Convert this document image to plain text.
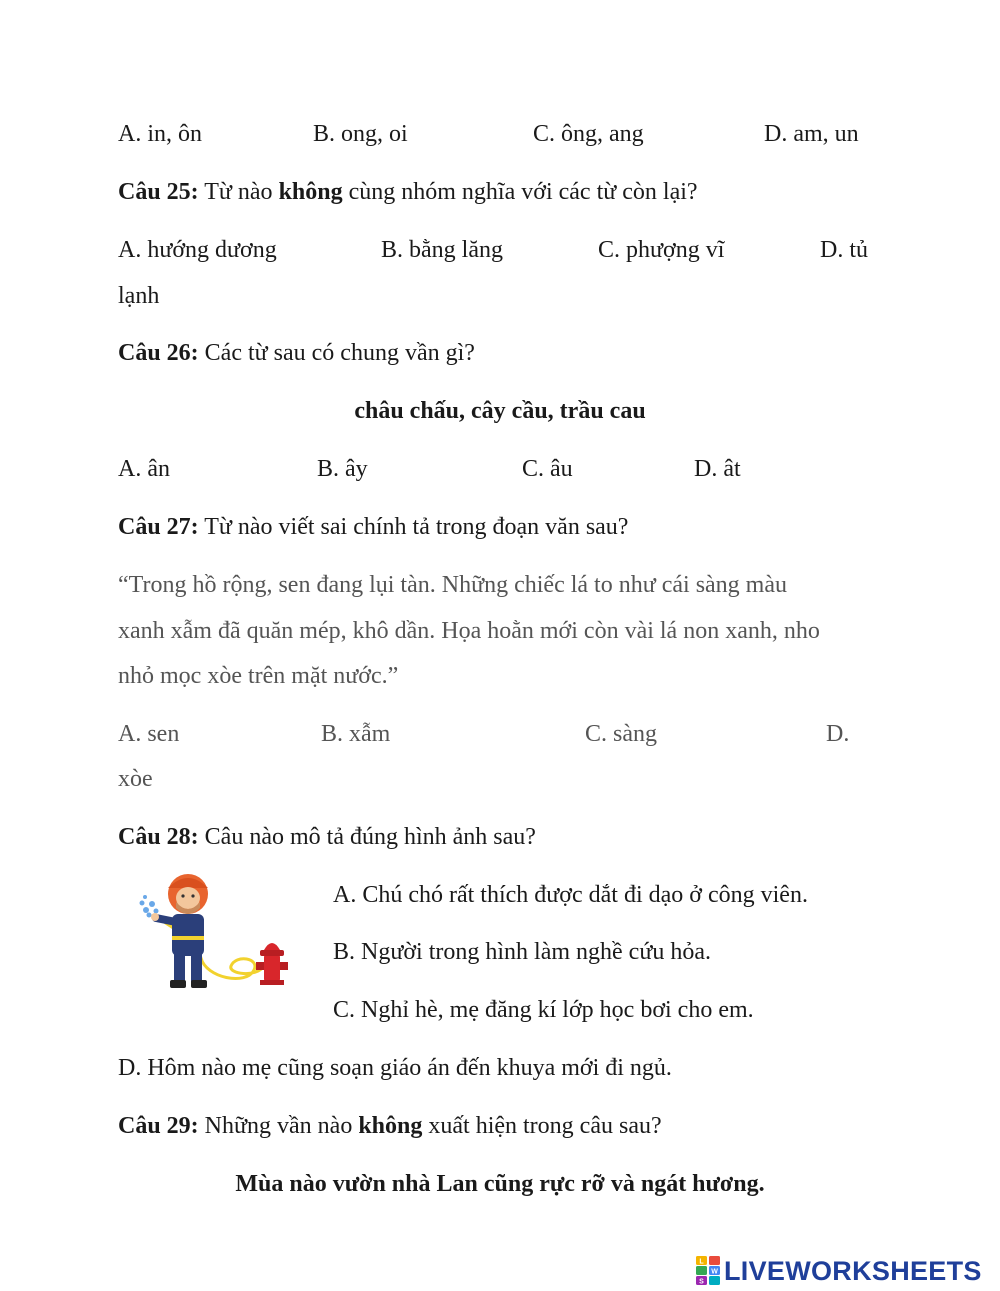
A. in, ôn	B. ong, oi	C. ông, ang	D. am, un
Câu 25: Từ nào không cùng nhóm nghĩa với các từ còn lại?
A. hướng dương	B. bằng lăng	C. phượng vĩ	D. tủ
lạnh
Câu 26: Các từ sau có chung vần gì?
châu chấu, cây cầu, trầu cau
A. ân	B. ây	C. âu	D. ât
Câu 27: Từ nào viết sai chính tả trong đoạn văn sau?
“Trong hồ rộng, sen đang lụi tàn. Những chiếc lá to như cái sàng màu
xanh xẫm đã quăn mép, khô dần. Họa hoằn mới còn vài lá non xanh, nho
nhỏ mọc xòe trên mặt nước.”
A. sen	B. xẫm	C. sàng	D.
xòe
Câu 28: Câu nào mô tả đúng hình ảnh sau?
A. Chú chó rất thích được dắt đi dạo ở công viên.
B. Người trong hình làm nghề cứu hỏa.
C. Nghỉ hè, mẹ đăng kí lớp học bơi cho em.
D. Hôm nào mẹ cũng soạn giáo án đến khuya mới đi ngủ.
Câu 29: Những vần nào không xuất hiện trong câu sau?
Mùa nào vườn nhà Lan cũng rực rỡ và ngát hương.
L
W
S LIVEWORKSHEETS
